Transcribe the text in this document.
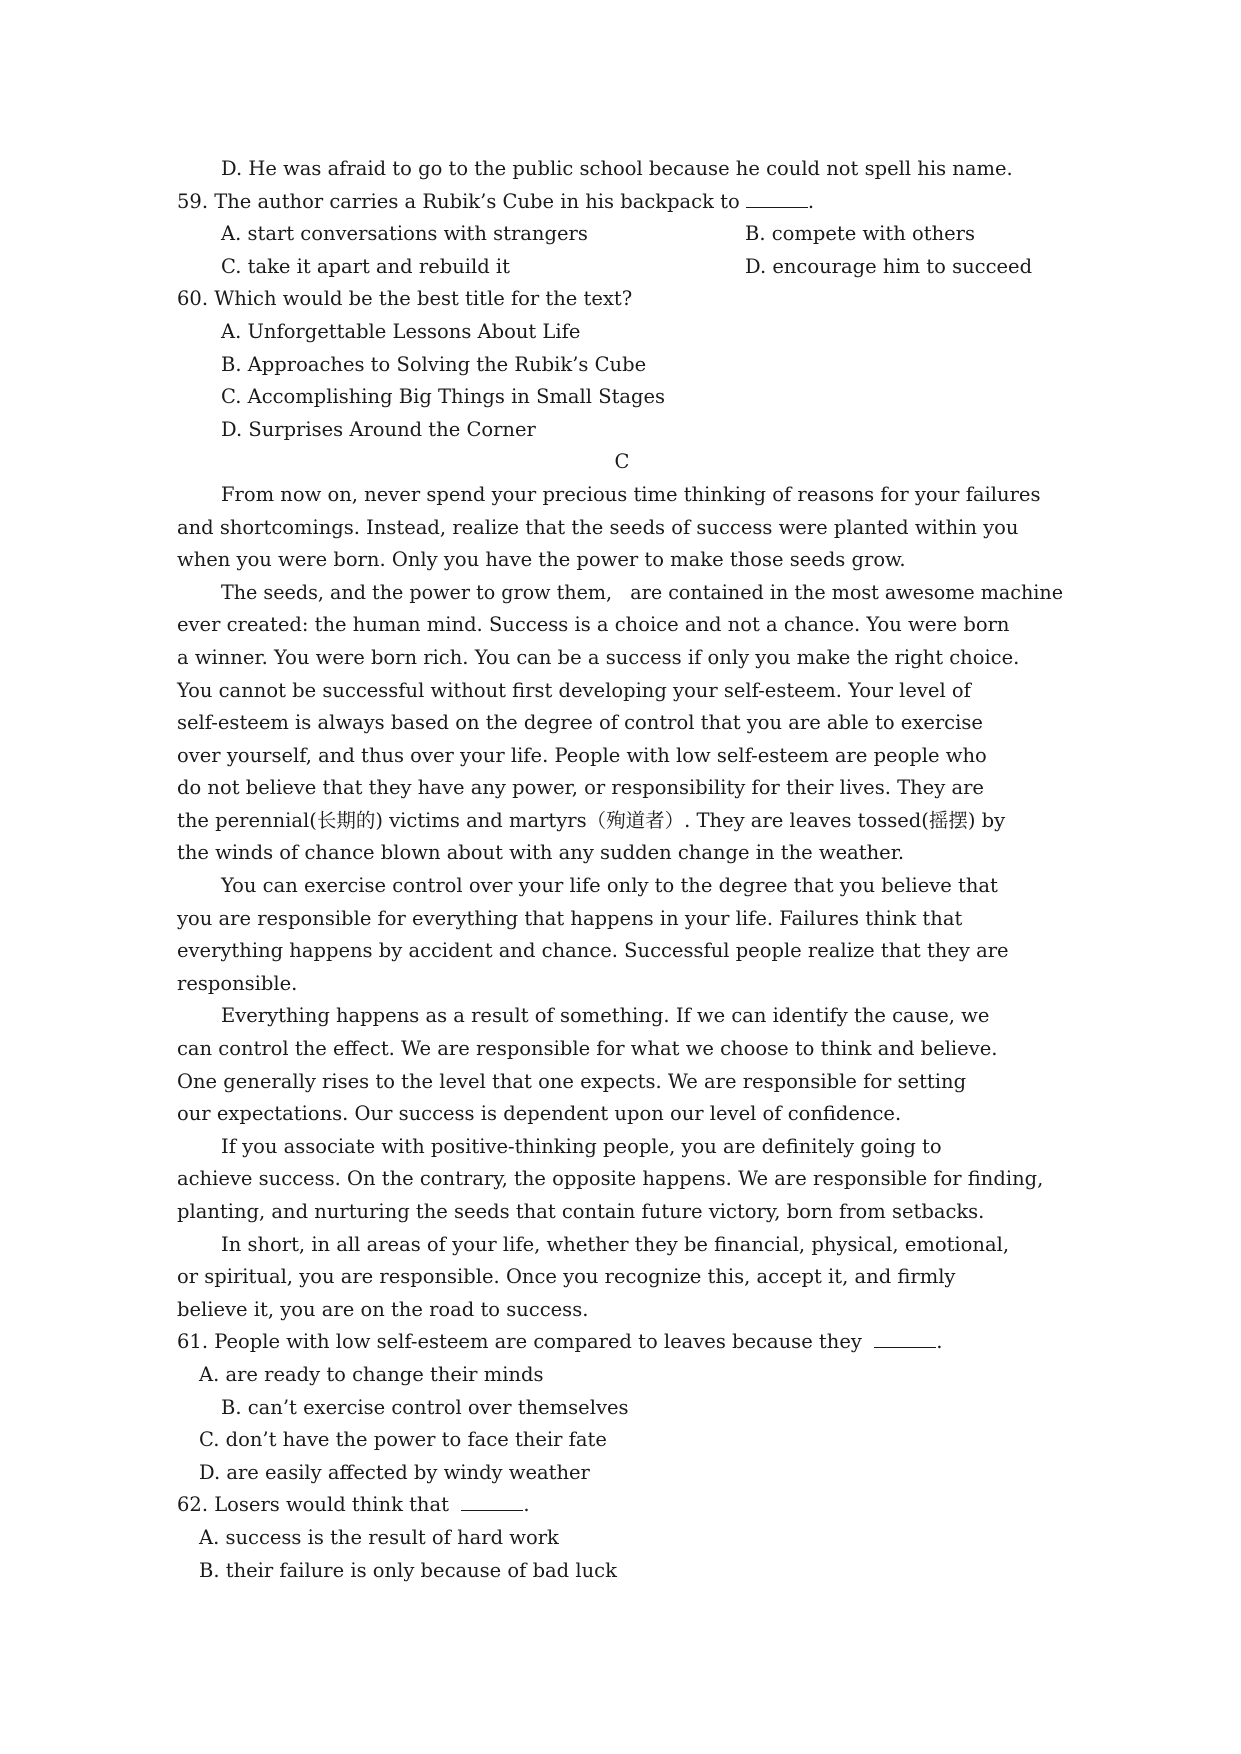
D. He was afraid to go to the public school because he could not spell his name.
59. The author carries a Rubik’s Cube in his backpack to	.
A. start conversations with strangers	B. compete with others
C. take it apart and rebuild it	D. encourage him to succeed
60. Which would be the best title for the text?
A. Unforgettable Lessons About Life
B. Approaches to Solving the Rubik’s Cube
C. Accomplishing Big Things in Small Stages
D. Surprises Around the Corner
C
From now on, never spend your precious time thinking of reasons for your failures
and shortcomings. Instead, realize that the seeds of success were planted within you
when you were born. Only you have the power to make those seeds grow.
The seeds, and the power to grow them,   are contained in the most awesome machine
ever created: the human mind. Success is a choice and not a chance. You were born
a winner. You were born rich. You can be a success if only you make the right choice.
You cannot be successful without first developing your self-esteem. Your level of
self-esteem is always based on the degree of control that you are able to exercise
over yourself, and thus over your life. People with low self-esteem are people who
do not believe that they have any power, or responsibility for their lives. They are
the perennial(长期的) victims and martyrs（殉道者）. They are leaves tossed(摇摆) by
the winds of chance blown about with any sudden change in the weather.
You can exercise control over your life only to the degree that you believe that
you are responsible for everything that happens in your life. Failures think that
everything happens by accident and chance. Successful people realize that they are
responsible.
Everything happens as a result of something. If we can identify the cause, we
can control the effect. We are responsible for what we choose to think and believe.
One generally rises to the level that one expects. We are responsible for setting
our expectations. Our success is dependent upon our level of confidence.
If you associate with positive-thinking people, you are definitely going to
achieve success. On the contrary, the opposite happens. We are responsible for finding,
planting, and nurturing the seeds that contain future victory, born from setbacks.
In short, in all areas of your life, whether they be financial, physical, emotional,
or spiritual, you are responsible. Once you recognize this, accept it, and firmly
believe it, you are on the road to success.
61. People with low self-esteem are compared to leaves because they	.
A. are ready to change their minds
B. can’t exercise control over themselves
C. don’t have the power to face their fate
D. are easily affected by windy weather
62. Losers would think that	.
A. success is the result of hard work
B. their failure is only because of bad luck
